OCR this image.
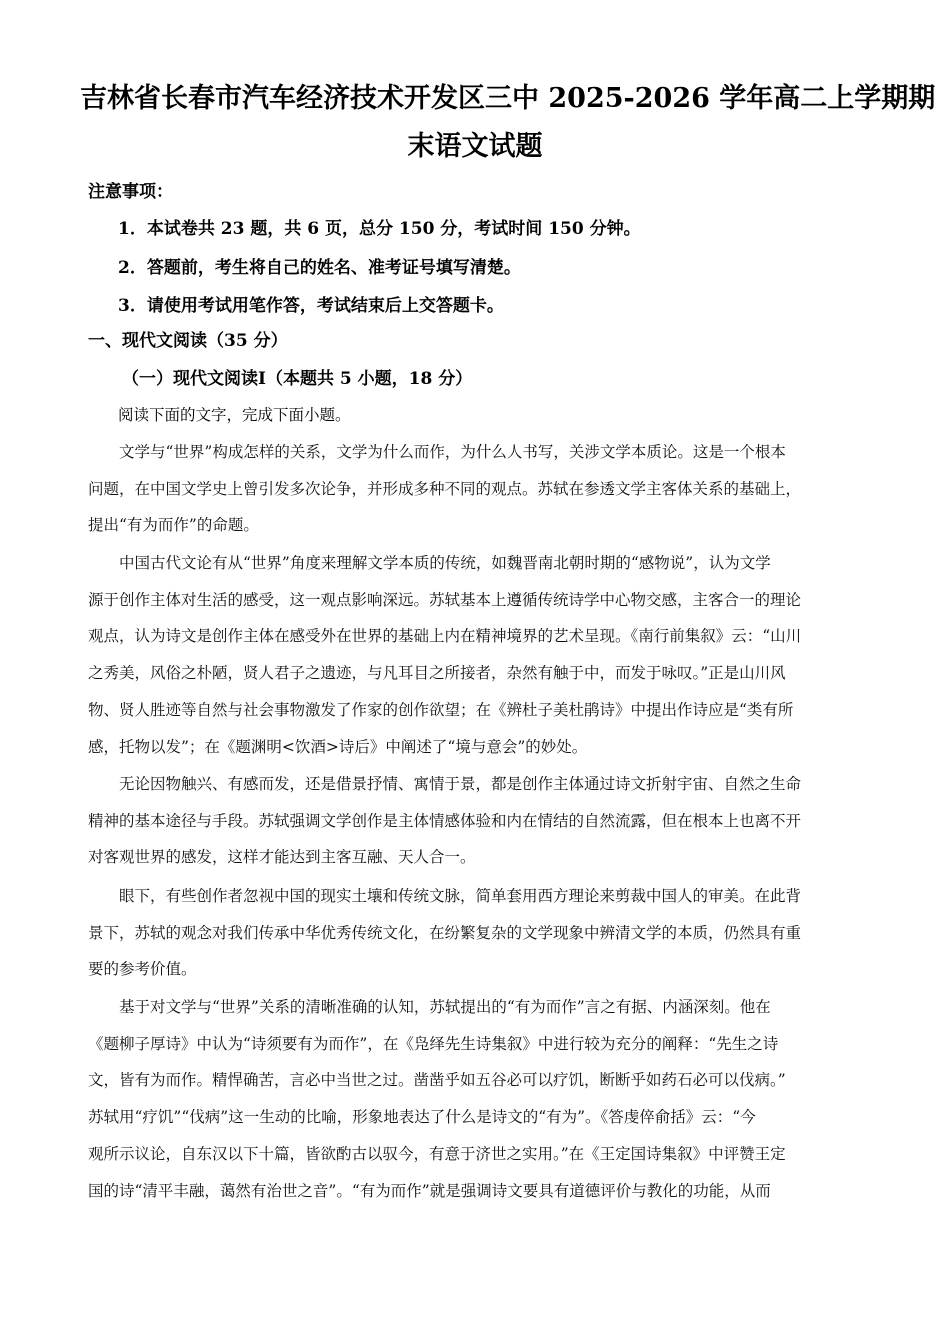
吉林省长春市汽车经济技术开发区三中 2025-2026 学年高二上学期期
末语文试题

注意事项：

1．本试卷共 23 题，共 6 页，总分 150 分，考试时间 150 分钟。

2．答题前，考生将自己的姓名、准考证号填写清楚。

3．请使用考试用笔作答，考试结束后上交答题卡。

一、现代文阅读（35 分）

（一）现代文阅读Ⅰ（本题共 5 小题，18 分）

阅读下面的文字，完成下面小题。

文学与“世界”构成怎样的关系，文学为什么而作，为什么人书写，关涉文学本质论。这是一个根本
问题，在中国文学史上曾引发多次论争，并形成多种不同的观点。苏轼在参透文学主客体关系的基础上，
提出“有为而作”的命题。
中国古代文论有从“世界”角度来理解文学本质的传统，如魏晋南北朝时期的“感物说”，认为文学
源于创作主体对生活的感受，这一观点影响深远。苏轼基本上遵循传统诗学中心物交感，主客合一的理论
观点，认为诗文是创作主体在感受外在世界的基础上内在精神境界的艺术呈现。《南行前集叙》云：“山川
之秀美，风俗之朴陋，贤人君子之遗迹，与凡耳目之所接者，杂然有触于中，而发于咏叹。”正是山川风
物、贤人胜迹等自然与社会事物激发了作家的创作欲望；在《辨杜子美杜鹃诗》中提出作诗应是“类有所
感，托物以发”；在《题渊明<饮酒>诗后》中阐述了“境与意会”的妙处。
无论因物触兴、有感而发，还是借景抒情、寓情于景，都是创作主体通过诗文折射宇宙、自然之生命
精神的基本途径与手段。苏轼强调文学创作是主体情感体验和内在情结的自然流露，但在根本上也离不开
对客观世界的感发，这样才能达到主客互融、天人合一。
眼下，有些创作者忽视中国的现实土壤和传统文脉，简单套用西方理论来剪裁中国人的审美。在此背
景下，苏轼的观念对我们传承中华优秀传统文化，在纷繁复杂的文学现象中辨清文学的本质，仍然具有重
要的参考价值。
基于对文学与“世界”关系的清晰准确的认知，苏轼提出的“有为而作”言之有据、内涵深刻。他在
《题柳子厚诗》中认为“诗须要有为而作”，在《凫绎先生诗集叙》中进行较为充分的阐释：“先生之诗
文，皆有为而作。精悍确苦，言必中当世之过。凿凿乎如五谷必可以疗饥，断断乎如药石必可以伐病。”
苏轼用“疗饥”“伐病”这一生动的比喻，形象地表达了什么是诗文的“有为”。《答虔倅俞括》云：“今
观所示议论，自东汉以下十篇，皆欲酌古以驭今，有意于济世之实用。”在《王定国诗集叙》中评赞王定
国的诗“清平丰融，蔼然有治世之音”。“有为而作”就是强调诗文要具有道德评价与教化的功能，从而
